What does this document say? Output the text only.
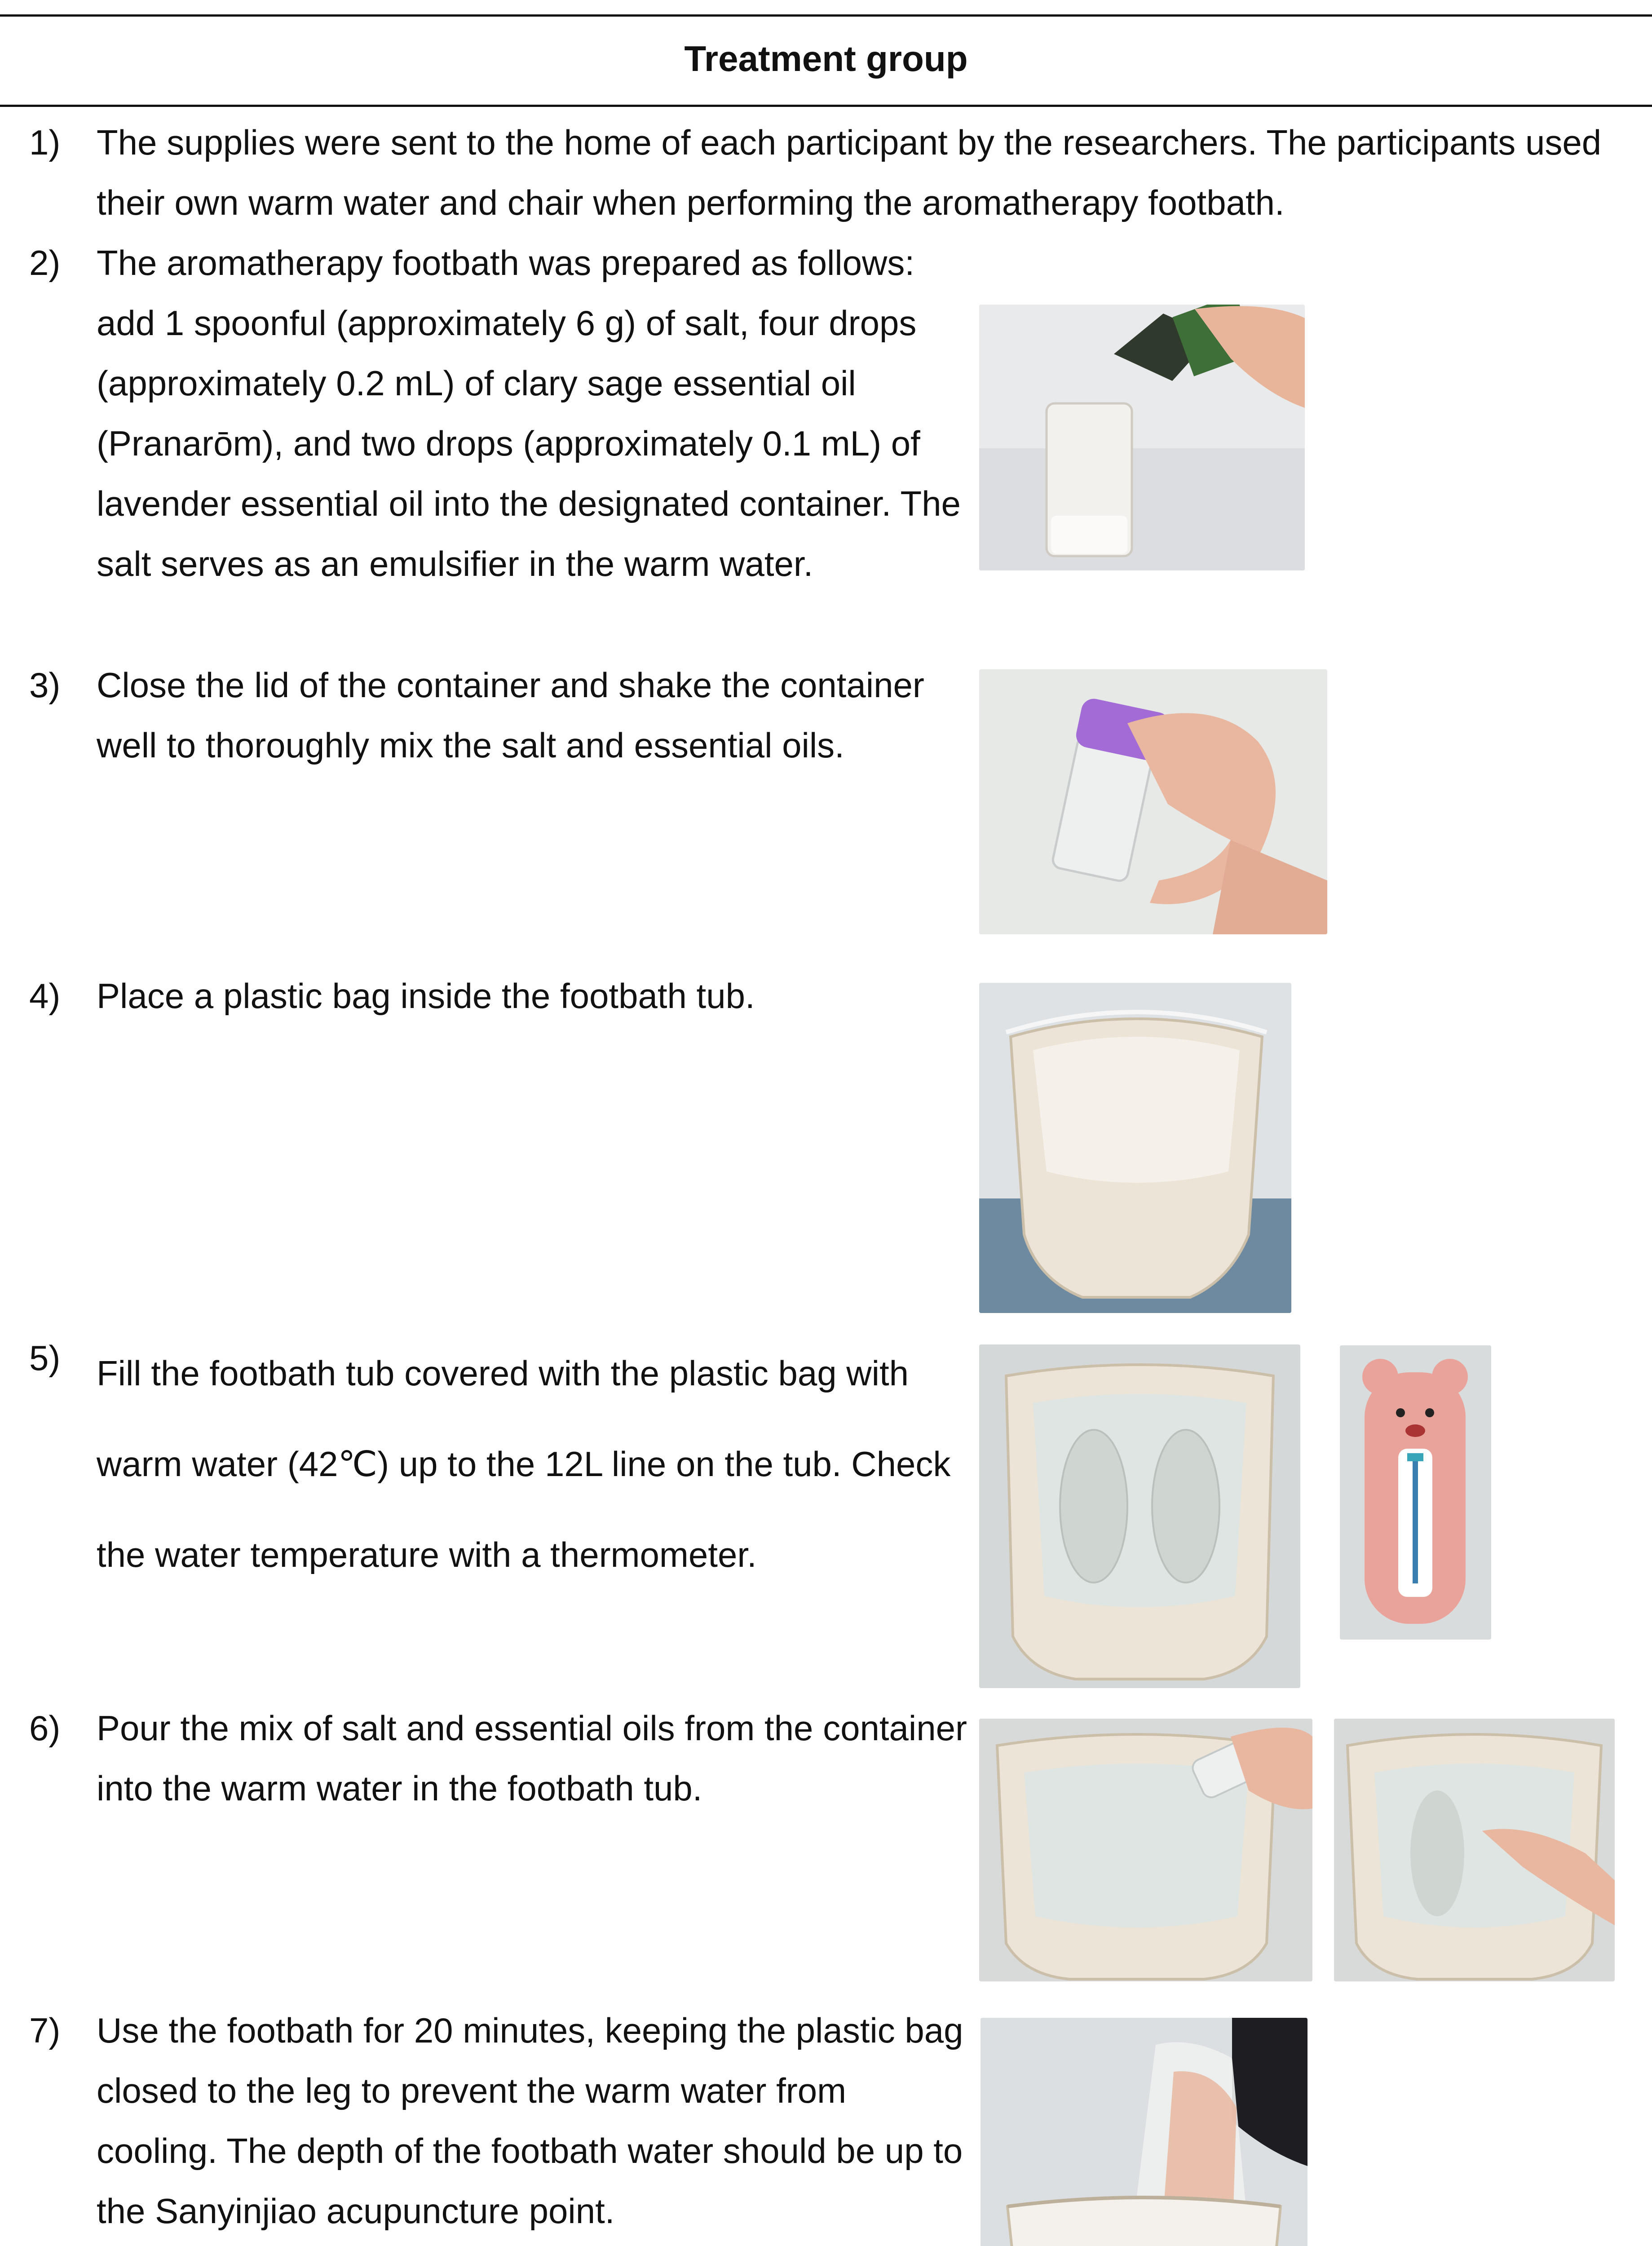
Treatment group
1)	The supplies were sent to the home of each participant by the researchers. The participants used their own warm water and chair when performing the aromatherapy footbath.
2)	The aromatherapy footbath was prepared as follows: add 1 spoonful (approximately 6 g) of salt, four drops (approximately 0.2 mL) of clary sage essential oil (Pranarōm), and two drops (approximately 0.1 mL) of lavender essential oil into the designated container. The salt serves as an emulsifier in the warm water.
3)	Close the lid of the container and shake the container well to thoroughly mix the salt and essential oils.
4)	Place a plastic bag inside the footbath tub.
5)	Fill the footbath tub covered with the plastic bag with warm water (42℃) up to the 12L line on the tub. Check the water temperature with a thermometer.
6)	Pour the mix of salt and essential oils from the container into the warm water in the footbath tub.
7)	Use the footbath for 20 minutes, keeping the plastic bag closed to the leg to prevent the warm water from cooling. The depth of the footbath water should be up to the Sanyinjiao acupuncture point.
